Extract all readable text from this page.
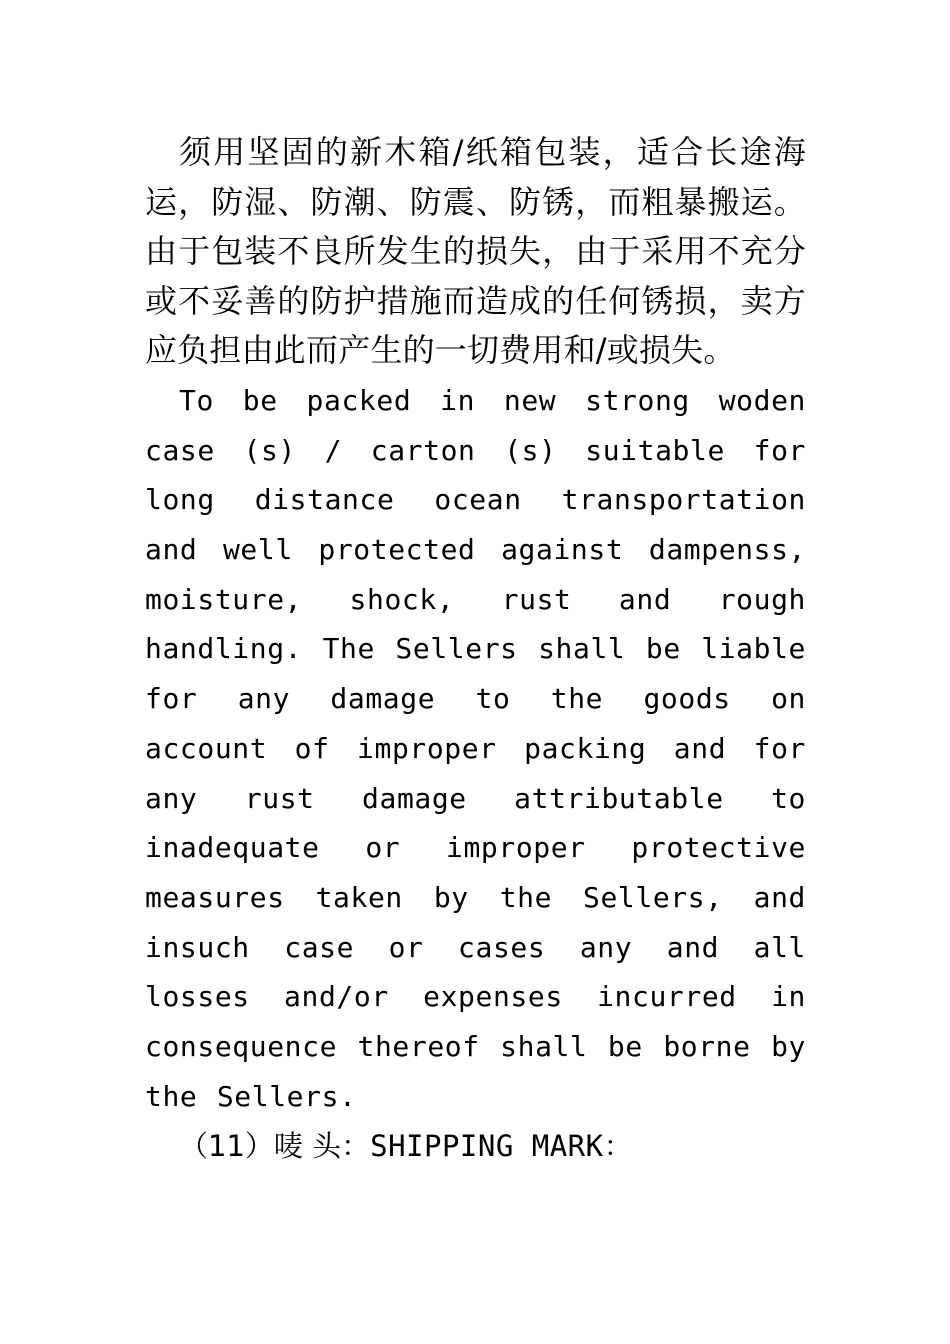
须用坚固的新木箱/纸箱包装，适合长途海运，防湿、防潮、防震、防锈，而粗暴搬运。由于包装不良所发生的损失，由于采用不充分或不妥善的防护措施而造成的任何锈损，卖方应负担由此而产生的一切费用和/或损失。

To be packed in new strong woden case (s) / carton (s) suitable for long distance ocean transportation and well protected against dampenss, moisture, shock, rust and rough handling. The Sellers shall be liable for any damage to the goods on account of improper packing and for any rust damage attributable to inadequate or improper protective measures taken by the Sellers, and insuch case or cases any and all losses and/or expenses incurred in consequence thereof shall be borne by the Sellers.

（11）唛 头：SHIPPING MARK：
